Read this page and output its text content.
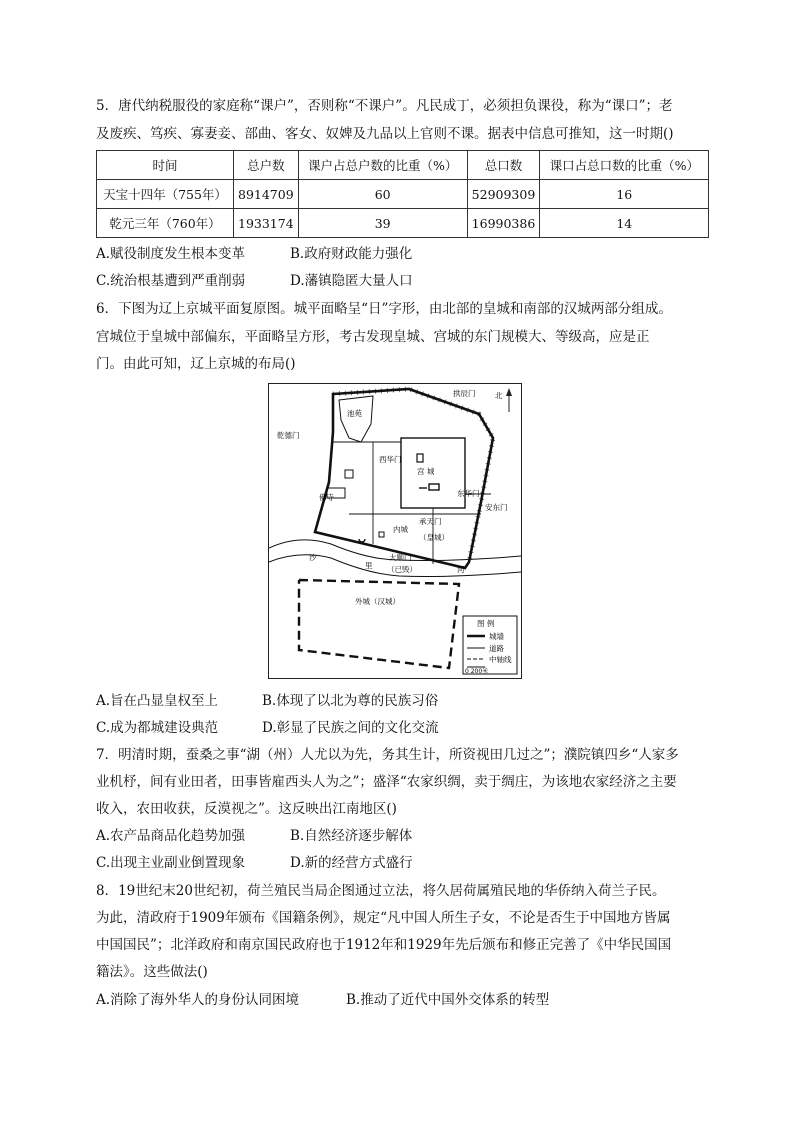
5．唐代纳税服役的家庭称“课户”，否则称“不课户”。凡民成丁，必须担负课役，称为“课口”；老
及废疾、笃疾、寡妻妾、部曲、客女、奴婢及九品以上官则不课。据表中信息可推知，这一时期()
时间	总户数	课户占总户数的比重（%）	总口数	课口占总口数的比重（%）
天宝十四年（755年）	8914709	60	52909309	16
乾元三年（760年）	1933174	39	16990386	14
A.赋役制度发生根本变革	B.政府财政能力强化
C.统治根基遭到严重削弱	D.藩镇隐匿大量人口
6．下图为辽上京城平面复原图。城平面略呈“日”字形，由北部的皇城和南部的汉城两部分组成。
宫城位于皇城中部偏东，平面略呈方形，考古发现皇城、宫城的东门规模大、等级高，应是正
门。由此可知，辽上京城的布局()
北
池苑
宫 城
乾德门
西华门
东华门
安东门
拱辰门
佛寺
承天门
内城
（皇城）
沙
里	河
大顺门
（已毁）
外城（汉城）
图 例
城墙
道路
中轴线
0 200米
A.旨在凸显皇权至上	B.体现了以北为尊的民族习俗
C.成为都城建设典范	D.彰显了民族之间的文化交流
7．明清时期，蚕桑之事“湖（州）人尤以为先，务其生计，所资视田几过之”；濮院镇四乡“人家多
业机杼，间有业田者，田事皆雇西头人为之”；盛泽“农家织绸，卖于绸庄，为该地农家经济之主要
收入，农田收获，反漠视之”。这反映出江南地区()
A.农产品商品化趋势加强	B.自然经济逐步解体
C.出现主业副业倒置现象	D.新的经营方式盛行
8．19世纪末20世纪初，荷兰殖民当局企图通过立法，将久居荷属殖民地的华侨纳入荷兰子民。
为此，清政府于1909年颁布《国籍条例》，规定“凡中国人所生子女，不论是否生于中国地方皆属
中国国民”；北洋政府和南京国民政府也于1912年和1929年先后颁布和修正完善了《中华民国国
籍法》。这些做法()
A.消除了海外华人的身份认同困境	B.推动了近代中国外交体系的转型
